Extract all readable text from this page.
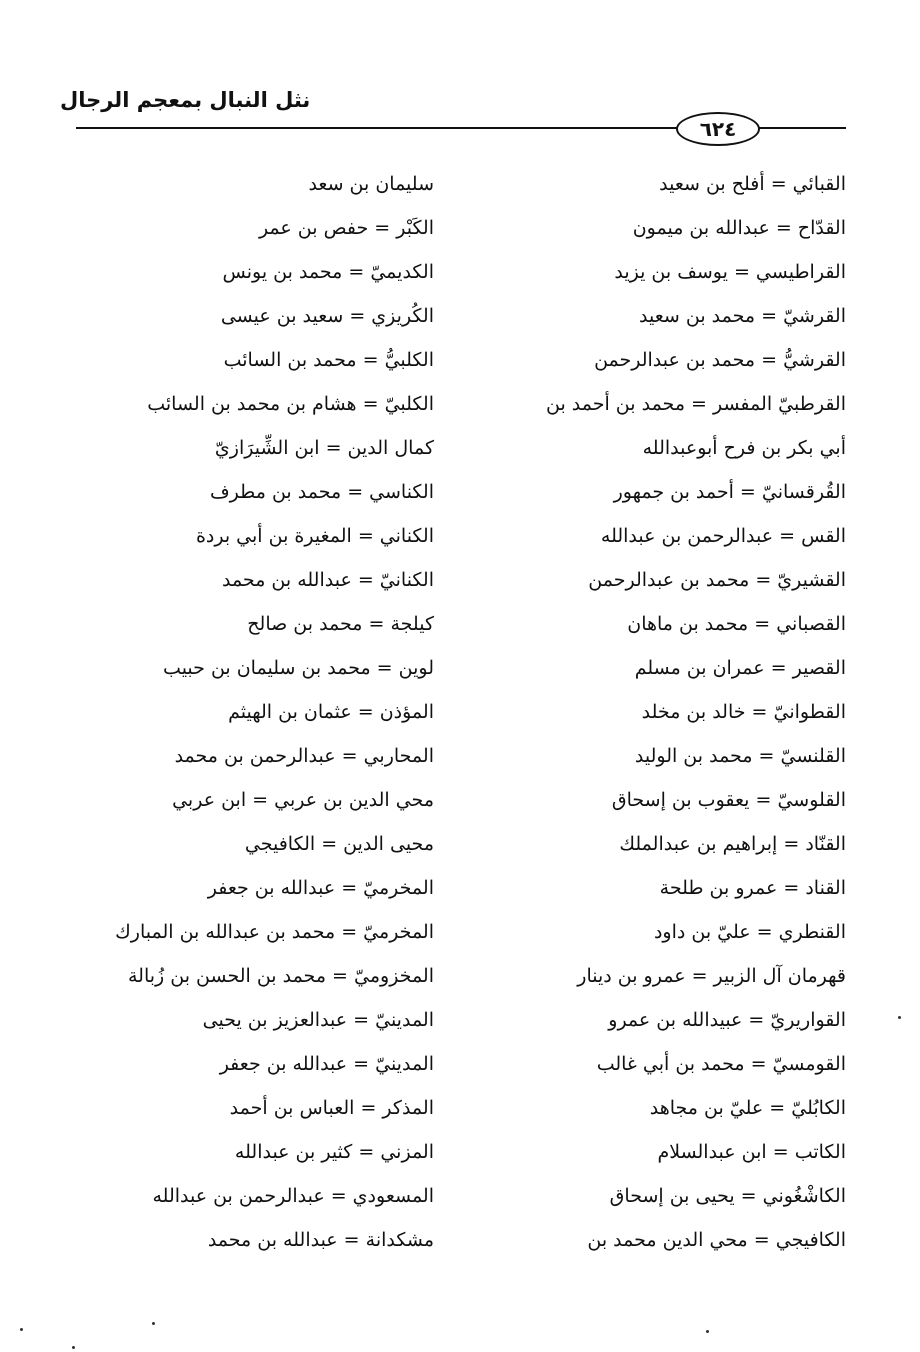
نثل النبال بمعجم الرجال
٦٢٤
القبائي = أفلح بن سعيد
القدّاح = عبدالله بن ميمون
القراطيسي = يوسف بن يزيد
القرشيّ = محمد بن سعيد
القرشيُّ = محمد بن عبدالرحمن
القرطبيّ المفسر = محمد بن أحمد بن
أبي بكر بن فرح أبوعبدالله
القُرقسانيّ = أحمد بن جمهور
القس = عبدالرحمن بن عبدالله
القشيريّ = محمد بن عبدالرحمن
القصباني = محمد بن ماهان
القصير = عمران بن مسلم
القطوانيّ = خالد بن مخلد
القلنسيّ = محمد بن الوليد
القلوسيّ = يعقوب بن إسحاق
القنّاد = إبراهيم بن عبدالملك
القناد = عمرو بن طلحة
القنطري = عليّ بن داود
قهرمان آل الزبير = عمرو بن دينار
القواريريّ = عبيدالله بن عمرو
القومسيّ = محمد بن أبي غالب
الكابُليّ = عليّ بن مجاهد
الكاتب = ابن عبدالسلام
الكاشْغُوني = يحيى بن إسحاق
الكافيجي = محي الدين محمد بن
سليمان بن سعد
الكَبْر = حفص بن عمر
الكديميّ = محمد بن يونس
الكُريزي = سعيد بن عيسى
الكلبيُّ = محمد بن السائب
الكلبيّ = هشام بن محمد بن السائب
كمال الدين = ابن الشِّيرَازيّ
الكناسي = محمد بن مطرف
الكناني = المغيرة بن أبي بردة
الكنانيّ = عبدالله بن محمد
كيلجة = محمد بن صالح
لوين = محمد بن سليمان بن حبيب
المؤذن = عثمان بن الهيثم
المحاربي = عبدالرحمن بن محمد
محي الدين بن عربي = ابن عربي
محيى الدين = الكافيجي
المخرميّ = عبدالله بن جعفر
المخرميّ = محمد بن عبدالله بن المبارك
المخزوميّ = محمد بن الحسن بن زُبالة
المدينيّ = عبدالعزيز بن يحيى
المدينيّ = عبدالله بن جعفر
المذكر = العباس بن أحمد
المزني = كثير بن عبدالله
المسعودي = عبدالرحمن بن عبدالله
مشكدانة = عبدالله بن محمد
